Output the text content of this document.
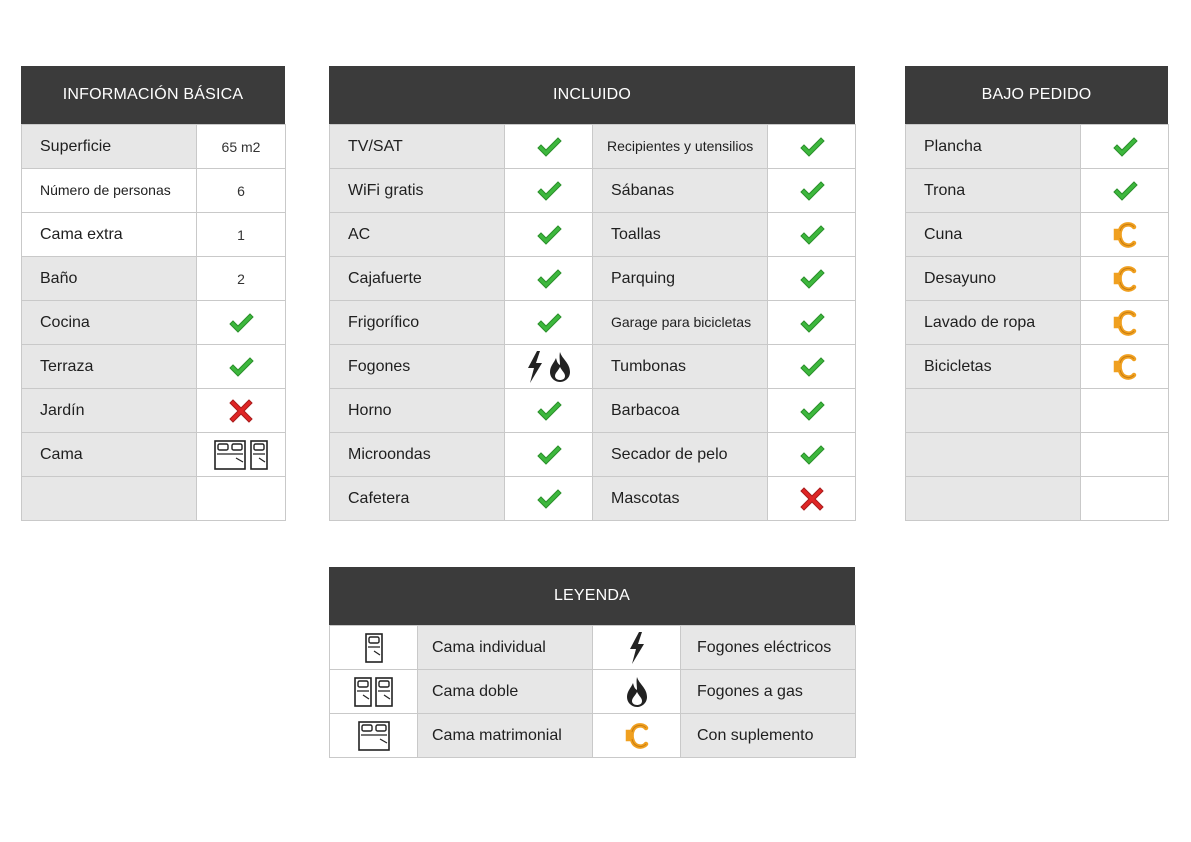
INFORMACIÓN BÁSICA
Superficie	65 m2
Número de personas	6
Cama extra	1
Baño	2
Cocina	

Terraza	

Jardín	

Cama	

INCLUIDO
TV/SAT		Recipientes y utensilios	

WiFi gratis		Sábanas	

AC		Toallas	

Cajafuerte		Parquing	

Frigorífico		Garage para bicicletas	

Fogones		Tumbonas	

Horno		Barbacoa	

Microondas		Secador de pelo	

Cafetera		Mascotas	
BAJO PEDIDO
Plancha	

Trona	

Cuna	

Desayuno	

Lavado de ropa	

Bicicletas	

LEYENDA
	Cama individual		Fogones eléctricos

	Cama doble		Fogones a gas

	Cama matrimonial		Con suplemento
